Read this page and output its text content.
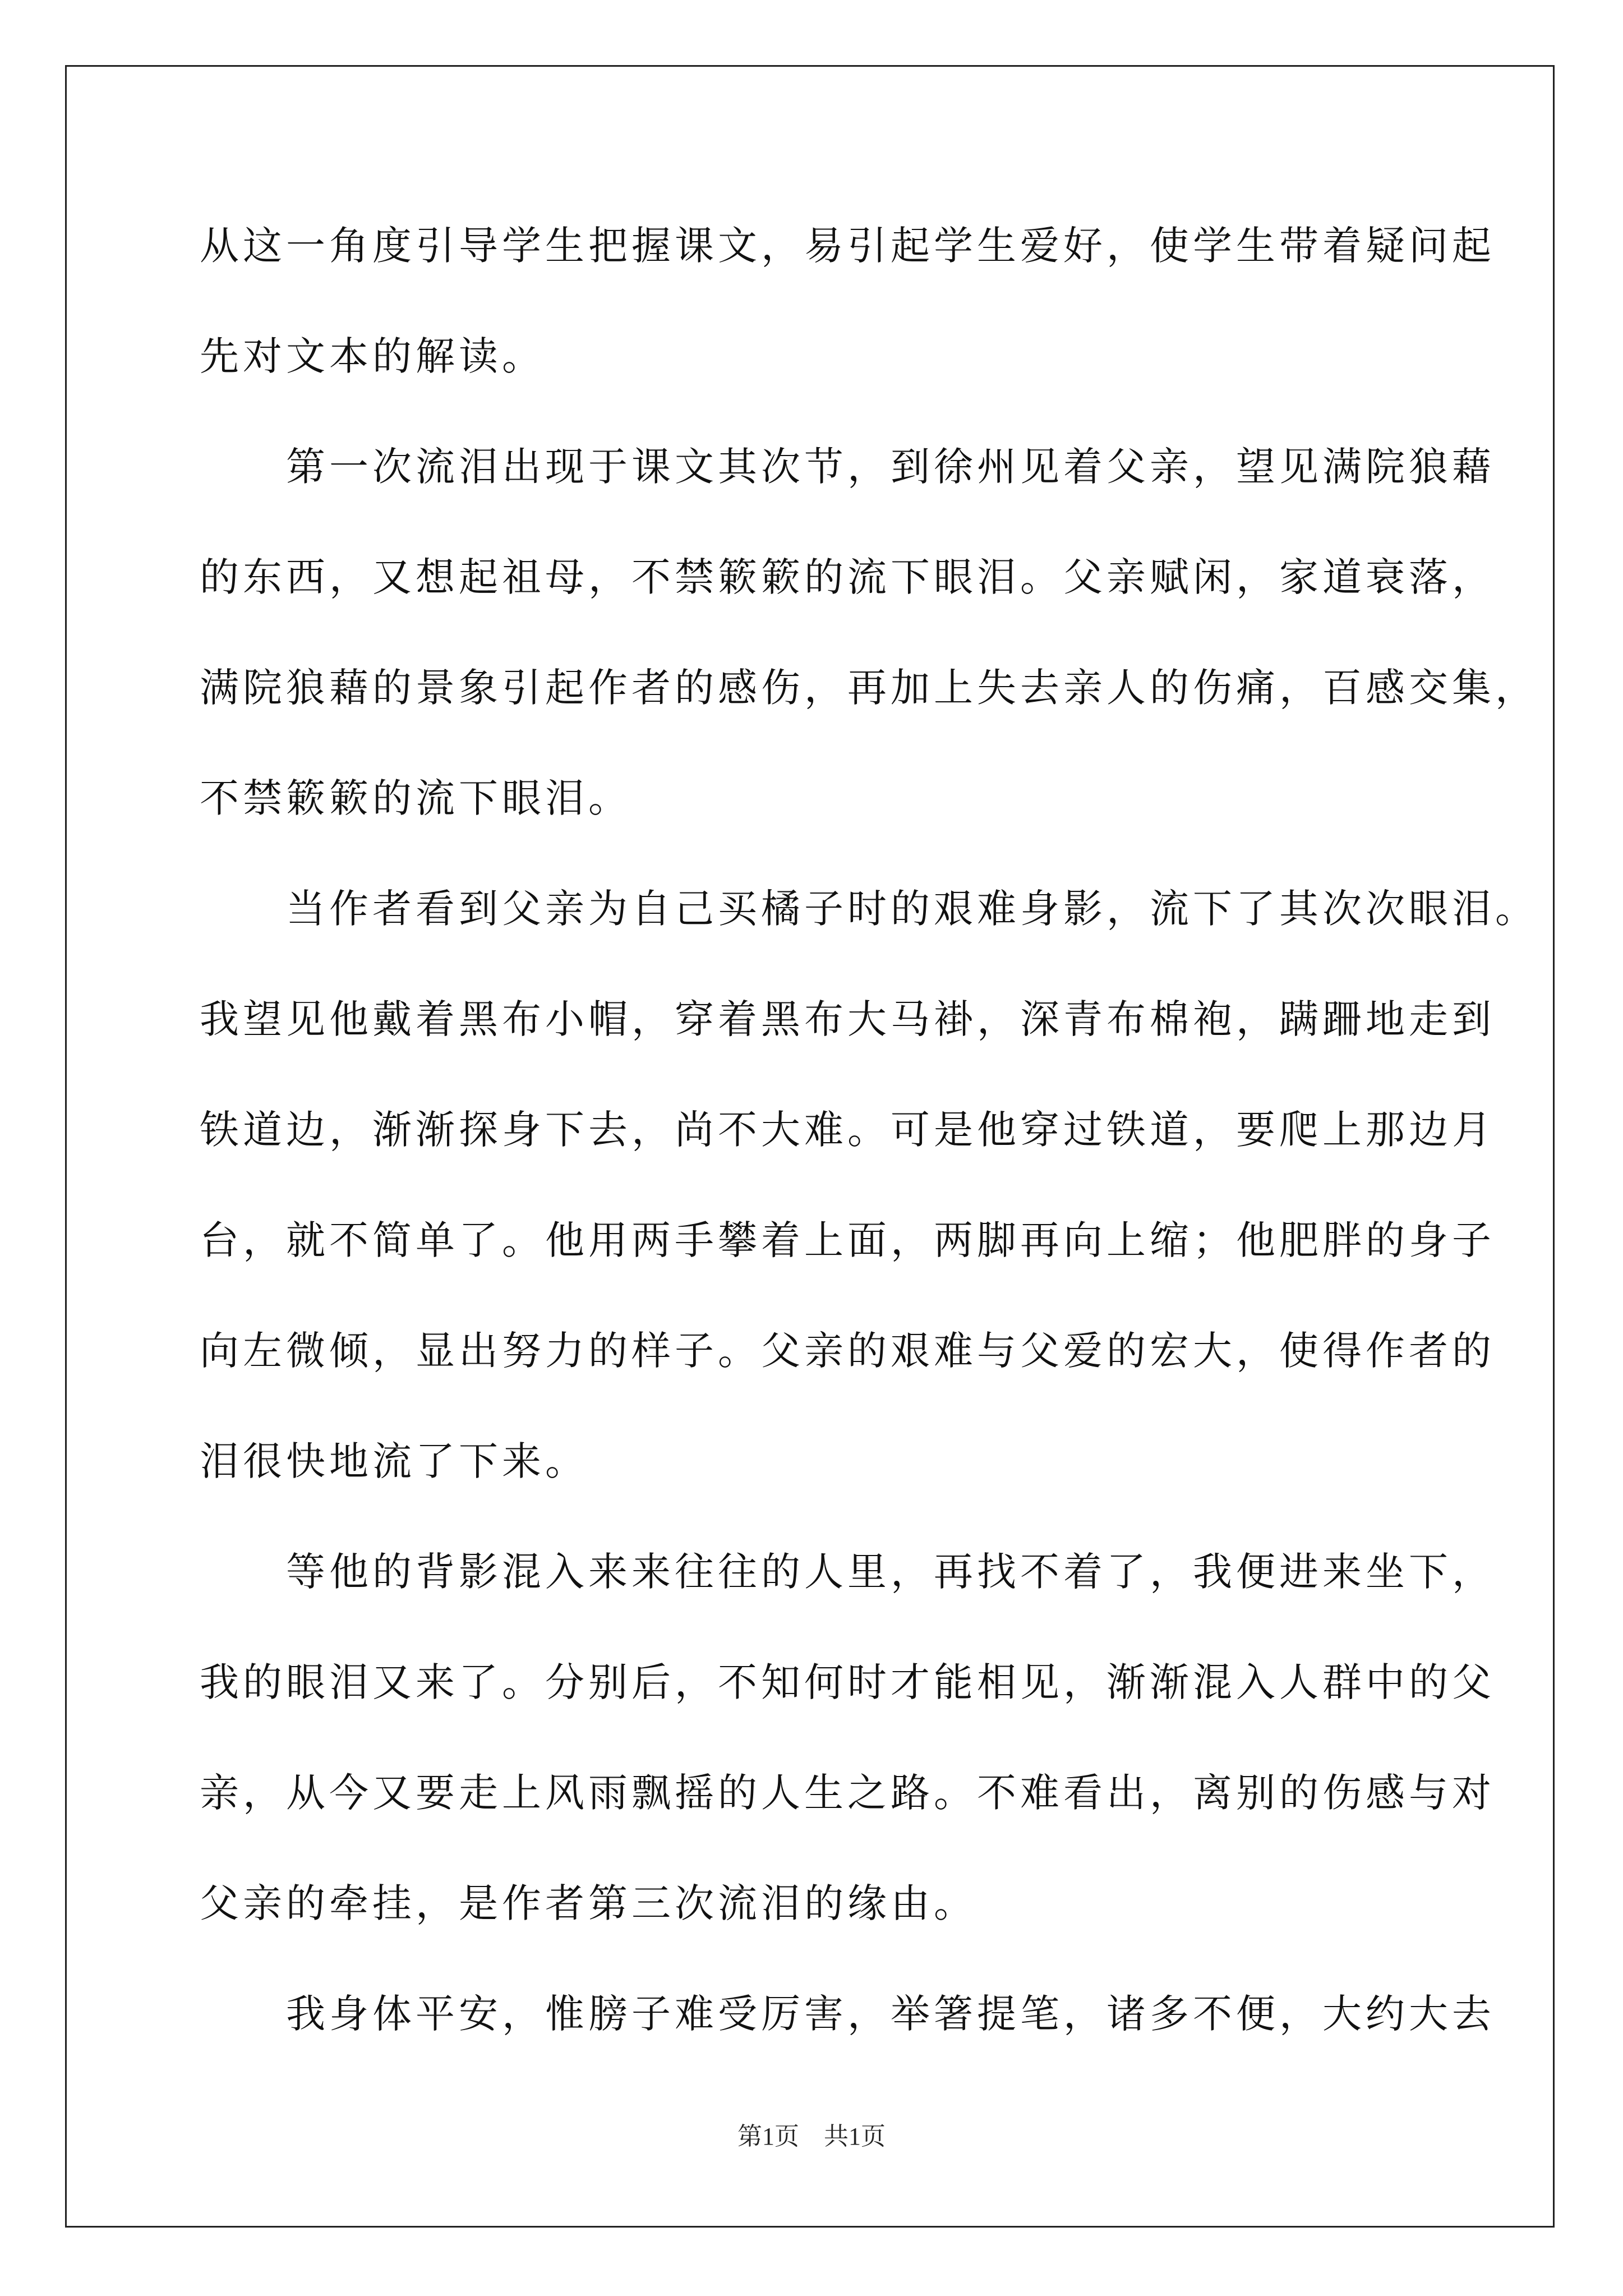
从这一角度引导学生把握课文，易引起学生爱好，使学生带着疑问起
先对文本的解读。
　　第一次流泪出现于课文其次节，到徐州见着父亲，望见满院狼藉
的东西，又想起祖母，不禁簌簌的流下眼泪。父亲赋闲，家道衰落，
满院狼藉的景象引起作者的感伤，再加上失去亲人的伤痛，百感交集，
不禁簌簌的流下眼泪。
　　当作者看到父亲为自己买橘子时的艰难身影，流下了其次次眼泪。
我望见他戴着黑布小帽，穿着黑布大马褂，深青布棉袍，蹒跚地走到
铁道边，渐渐探身下去，尚不大难。可是他穿过铁道，要爬上那边月
台，就不简单了。他用两手攀着上面，两脚再向上缩；他肥胖的身子
向左微倾，显出努力的样子。父亲的艰难与父爱的宏大，使得作者的
泪很快地流了下来。
　　等他的背影混入来来往往的人里，再找不着了，我便进来坐下，
我的眼泪又来了。分别后，不知何时才能相见，渐渐混入人群中的父
亲，从今又要走上风雨飘摇的人生之路。不难看出，离别的伤感与对
父亲的牵挂，是作者第三次流泪的缘由。
　　我身体平安，惟膀子难受厉害，举箸提笔，诸多不便，大约大去
第1页　共1页
